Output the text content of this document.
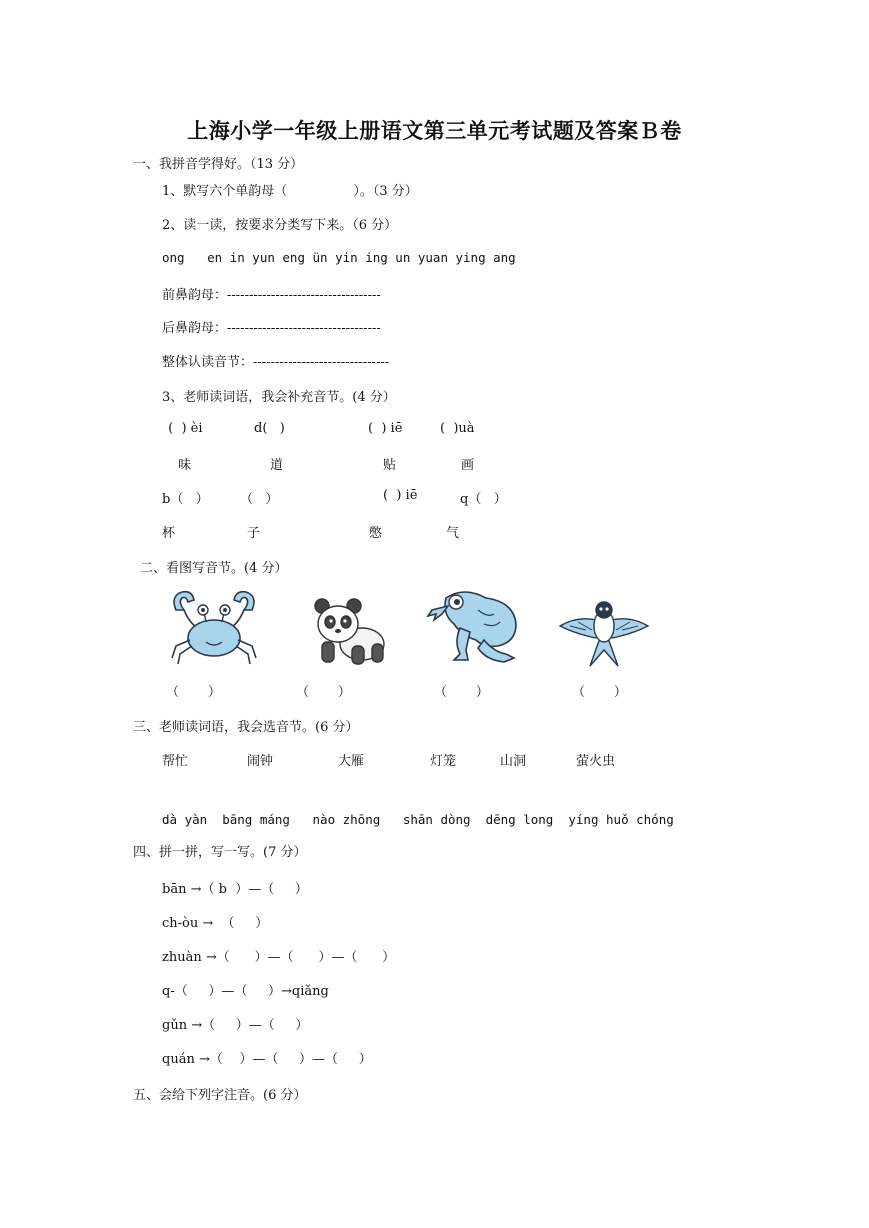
上海小学一年级上册语文第三单元考试题及答案Ｂ卷
一、我拼音学得好。（13 分）
1、默写六个单韵母（                ）。（3 分）
2、读一读，按要求分类写下来。（6 分）
ong   en in yun eng ün yin ing un yuan ying ang
前鼻韵母：-----------------------------------
后鼻韵母：-----------------------------------
整体认读音节：-------------------------------
3、老师读词语，我会补充音节。(4 分）
(  ) èi	d(   )	(  ) iē	(  )uà
味	道	贴	画
b（   ） （   ）	(  ) iē	q（   ）
杯	子	憋	气
二、看图写音节。(4 分）
（       ）	（       ）	（       ）	（       ）
三、老师读词语，我会选音节。(6 分）
帮忙	闹钟	大雁	灯笼	山洞	萤火虫
dà yàn  bāng máng   nào zhōng   shān dòng  dēng long  yíng huǒ chóng
四、拼一拼，写一写。(7 分）
bān →（ b  ）—（     ）
ch-òu →  （     ）
zhuàn →（      ）—（      ）—（      ）
q-（     ）—（     ）→qiǎng
gǔn →（     ）—（     ）
quán →（    ）—（     ）—（     ）
五、会给下列字注音。(6 分）
